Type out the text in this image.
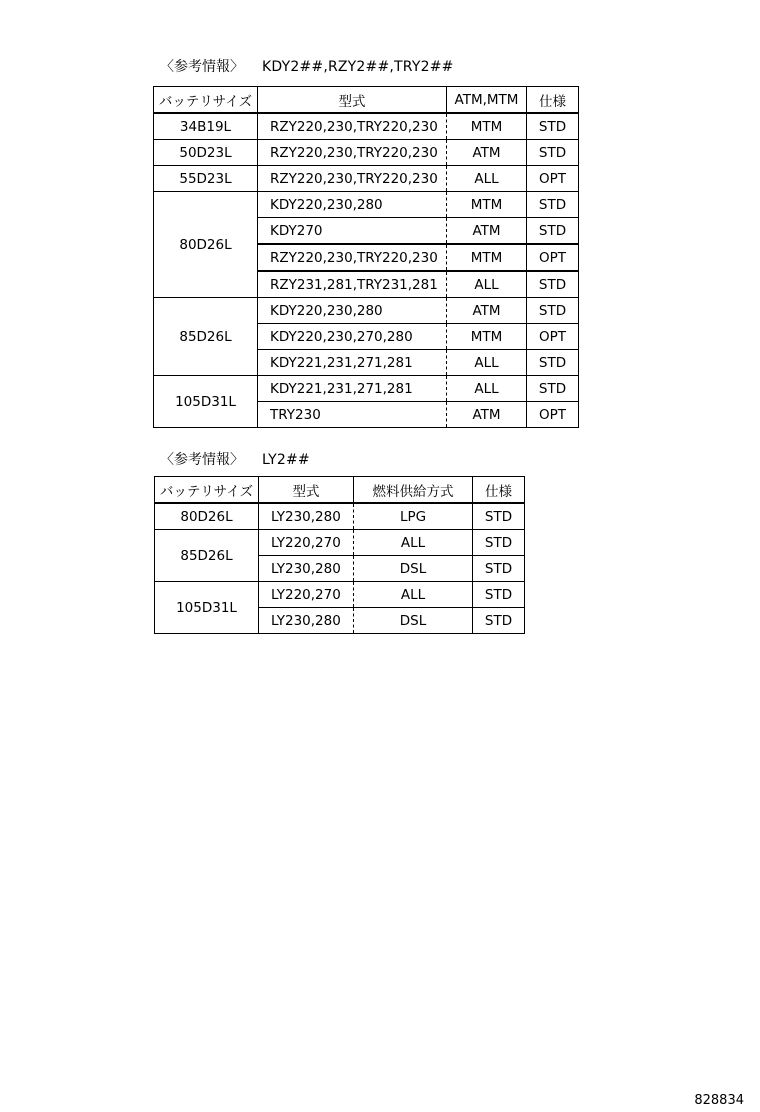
〈参考情報〉 KDY2##,RZY2##,TRY2##
バッテリサイズ	型式	ATM,MTM	仕様
34B19L	RZY220,230,TRY220,230	MTM	STD
50D23L	RZY220,230,TRY220,230	ATM	STD
55D23L	RZY220,230,TRY220,230	ALL	OPT
80D26L	KDY220,230,280	MTM	STD
	KDY270	ATM	STD
	RZY220,230,TRY220,230	MTM	OPT
	RZY231,281,TRY231,281	ALL	STD
85D26L	KDY220,230,280	ATM	STD
	KDY220,230,270,280	MTM	OPT
	KDY221,231,271,281	ALL	STD
105D31L	KDY221,231,271,281	ALL	STD
	TRY230	ATM	OPT
〈参考情報〉 LY2##
バッテリサイズ	型式	燃料供給方式	仕様
80D26L	LY230,280	LPG	STD
85D26L	LY220,270	ALL	STD
	LY230,280	DSL	STD
105D31L	LY220,270	ALL	STD
	LY230,280	DSL	STD
828834
